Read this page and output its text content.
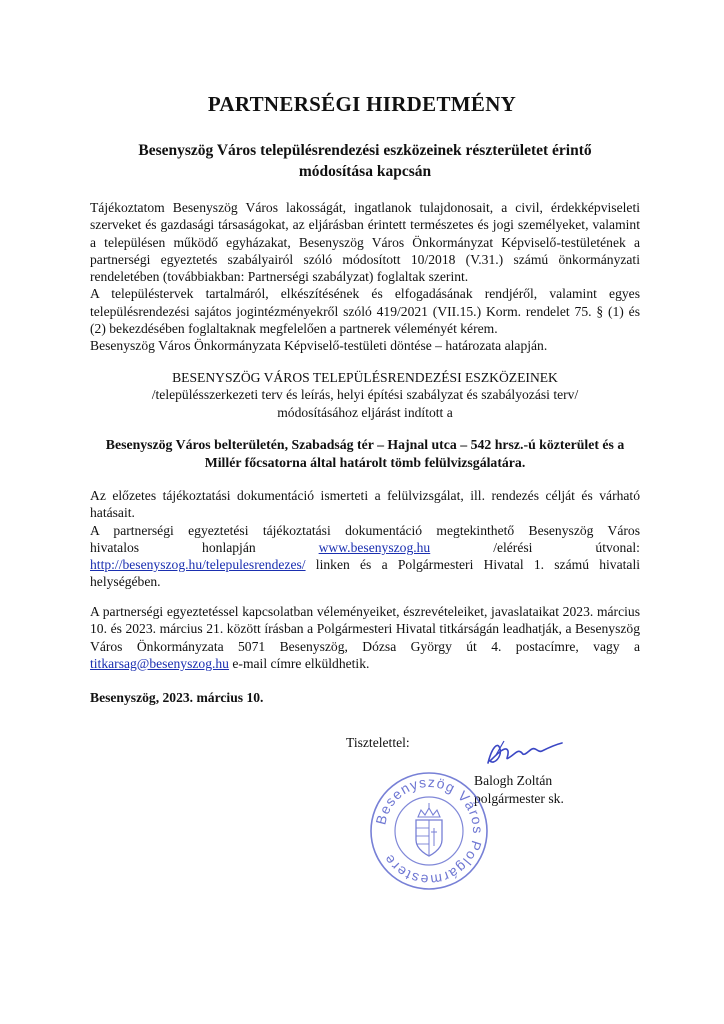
PARTNERSÉGI HIRDETMÉNY
Besenyszög Város településrendezési eszközeinek részterületet érintő
módosítása kapcsán

Tájékoztatom Besenyszög Város lakosságát, ingatlanok tulajdonosait, a civil, érdekképviseleti szerveket és gazdasági társaságokat, az eljárásban érintett természetes és jogi személyeket, valamint a településen működő egyházakat, Besenyszög Város Önkormányzat Képviselő-testületének a partnerségi egyeztetés szabályairól szóló módosított 10/2018 (V.31.) számú önkormányzati rendeletében (továbbiakban: Partnerségi szabályzat) foglaltak szerint.

A településtervek tartalmáról, elkészítésének és elfogadásának rendjéről, valamint egyes településrendezési sajátos jogintézményekről szóló 419/2021 (VII.15.) Korm. rendelet 75. § (1) és (2) bekezdésében foglaltaknak megfelelően a partnerek véleményét kérem.

Besenyszög Város Önkormányzata Képviselő-testületi döntése – határozata alapján.

BESENYSZÖG VÁROS TELEPÜLÉSRENDEZÉSI ESZKÖZEINEK
/településszerkezeti terv és leírás, helyi építési szabályzat és szabályozási terv/
módosításához eljárást indított a
Besenyszög Város belterületén, Szabadság tér – Hajnal utca – 542 hrsz.-ú közterület és a
Millér főcsatorna által határolt tömb felülvizsgálatára.

Az előzetes tájékoztatási dokumentáció ismerteti a felülvizsgálat, ill. rendezés célját és várható hatásait.

A partnerségi egyeztetési tájékoztatási dokumentáció megtekinthető Besenyszög Város
hivatalos	honlapján	www.besenyszog.hu	/elérési	útvonal:

http://besenyszog.hu/telepulesrendezes/ linken és a Polgármesteri Hivatal 1. számú hivatali helységében.

A partnerségi egyeztetéssel kapcsolatban véleményeiket, észrevételeiket, javaslataikat 2023. március 10. és 2023. március 21. között írásban a Polgármesteri Hivatal titkárságán leadhatják, a Besenyszög Város Önkormányzata 5071 Besenyszög, Dózsa György út 4. postacímre, vagy a titkarsag@besenyszog.hu e-mail címre elküldhetik.

Besenyszög, 2023. március 10.
Tisztelettel:
Balogh Zoltán
polgármester sk.
Besenyszög Város Polgármestere
